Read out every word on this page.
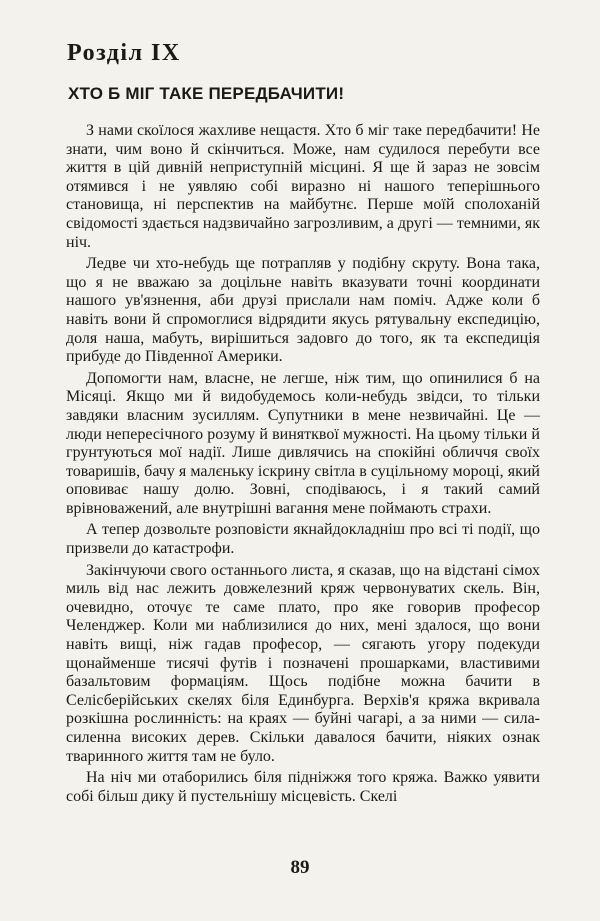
Розділ IX
ХТО Б МІГ ТАКЕ ПЕРЕДБАЧИТИ!

З нами скоїлося жахливе нещастя. Хто б міг таке передбачити! Не знати, чим воно й скінчиться. Може, нам судилося перебути все життя в цій дивній неприступній місцині. Я ще й зараз не зовсім отямився і не уявляю собі виразно ні нашого теперішнього становища, ні перспектив на майбутнє. Перше моїй сполоханій свідомості здається надзвичайно загрозливим, а другі — темними, як ніч.

Ледве чи хто-небудь ще потрапляв у подібну скруту. Вона така, що я не вважаю за доцільне навіть вказувати точні координати нашого ув'язнення, аби друзі прислали нам поміч. Адже коли б навіть вони й спромоглися відрядити якусь рятувальну експедицію, доля наша, мабуть, вирішиться задовго до того, як та експедиція прибуде до Південної Америки.

Допомогти нам, власне, не легше, ніж тим, що опинилися б на Місяці. Якщо ми й видобудемось коли-небудь звідси, то тільки завдяки власним зусиллям. Супутники в мене незвичайні. Це — люди непересічного розуму й винятквої мужності. На цьому тільки й грунтуються мої надії. Лише дивлячись на спокійні обличчя своїх товаришів, бачу я малєньку іскрину світла в суцільному мороці, який оповиває нашу долю. Зовні, сподіваюсь, і я такий самий врівноважений, але внутрішні вагання мене поймають страхи.

А тепер дозвольте розповісти якнайдокладніш про всі ті події, що призвели до катастрофи.

Закінчуючи свого останнього листа, я сказав, що на відстані сімох миль від нас лежить довжелезний кряж червонуватих скель. Він, очевидно, оточує те саме плато, про яке говорив професор Челенджер. Коли ми наблизилися до них, мені здалося, що вони навіть вищі, ніж гадав професор, — сягають угору подекуди щонайменше тисячі футів і позначені прошарками, властивими базальтовим формаціям. Щось подібне можна бачити в Селісберійських скелях біля Единбурга. Верхів'я кряжа вкривала розкішна рослинність: на краях — буйні чагарі, а за ними — сила-силенна високих дерев. Скільки давалося бачити, ніяких ознак тваринного життя там не було.

На ніч ми отаборились біля підніжжя того кряжа. Важко уявити собі більш дику й пустельнішу місцевість. Скелі

89
